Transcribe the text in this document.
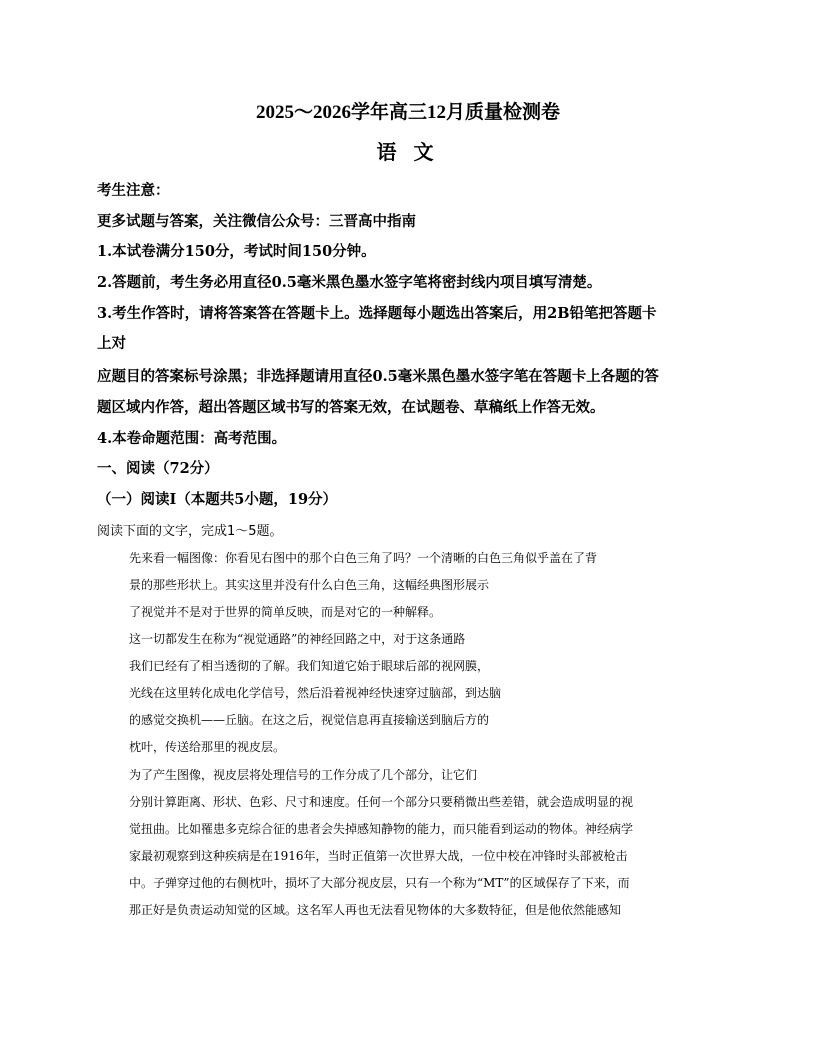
2025～2026学年高三12月质量检测卷
语 文
考生注意：
更多试题与答案，关注微信公众号：三晋高中指南
1.本试卷满分150分，考试时间150分钟。
2.答题前，考生务必用直径0.5毫米黑色墨水签字笔将密封线内项目填写清楚。
3.考生作答时，请将答案答在答题卡上。选择题每小题选出答案后，用2B铅笔把答题卡
上对
应题目的答案标号涂黑；非选择题请用直径0.5毫米黑色墨水签字笔在答题卡上各题的答
题区域内作答，超出答题区域书写的答案无效，在试题卷、草稿纸上作答无效。
4.本卷命题范围：高考范围。
一、阅读（72分）
（一）阅读Ⅰ（本题共5小题，19分）
阅读下面的文字，完成1～5题。
先来看一幅图像：你看见右图中的那个白色三角了吗？一个清晰的白色三角似乎盖在了背
景的那些形状上。其实这里并没有什么白色三角，这幅经典图形展示
了视觉并不是对于世界的简单反映，而是对它的一种解释。
这一切都发生在称为“视觉通路”的神经回路之中，对于这条通路
我们已经有了相当透彻的了解。我们知道它始于眼球后部的视网膜，
光线在这里转化成电化学信号，然后沿着视神经快速穿过脑部，到达脑
的感觉交换机——丘脑。在这之后，视觉信息再直接输送到脑后方的
枕叶，传送给那里的视皮层。
为了产生图像，视皮层将处理信号的工作分成了几个部分，让它们
分别计算距离、形状、色彩、尺寸和速度。任何一个部分只要稍微出些差错，就会造成明显的视
觉扭曲。比如罹患多克综合征的患者会失掉感知静物的能力，而只能看到运动的物体。神经病学
家最初观察到这种疾病是在1916年，当时正值第一次世界大战，一位中校在冲锋时头部被枪击
中。子弹穿过他的右侧枕叶，损坏了大部分视皮层，只有一个称为“MT”的区域保存了下来，而
那正好是负责运动知觉的区域。这名军人再也无法看见物体的大多数特征，但是他依然能感知
